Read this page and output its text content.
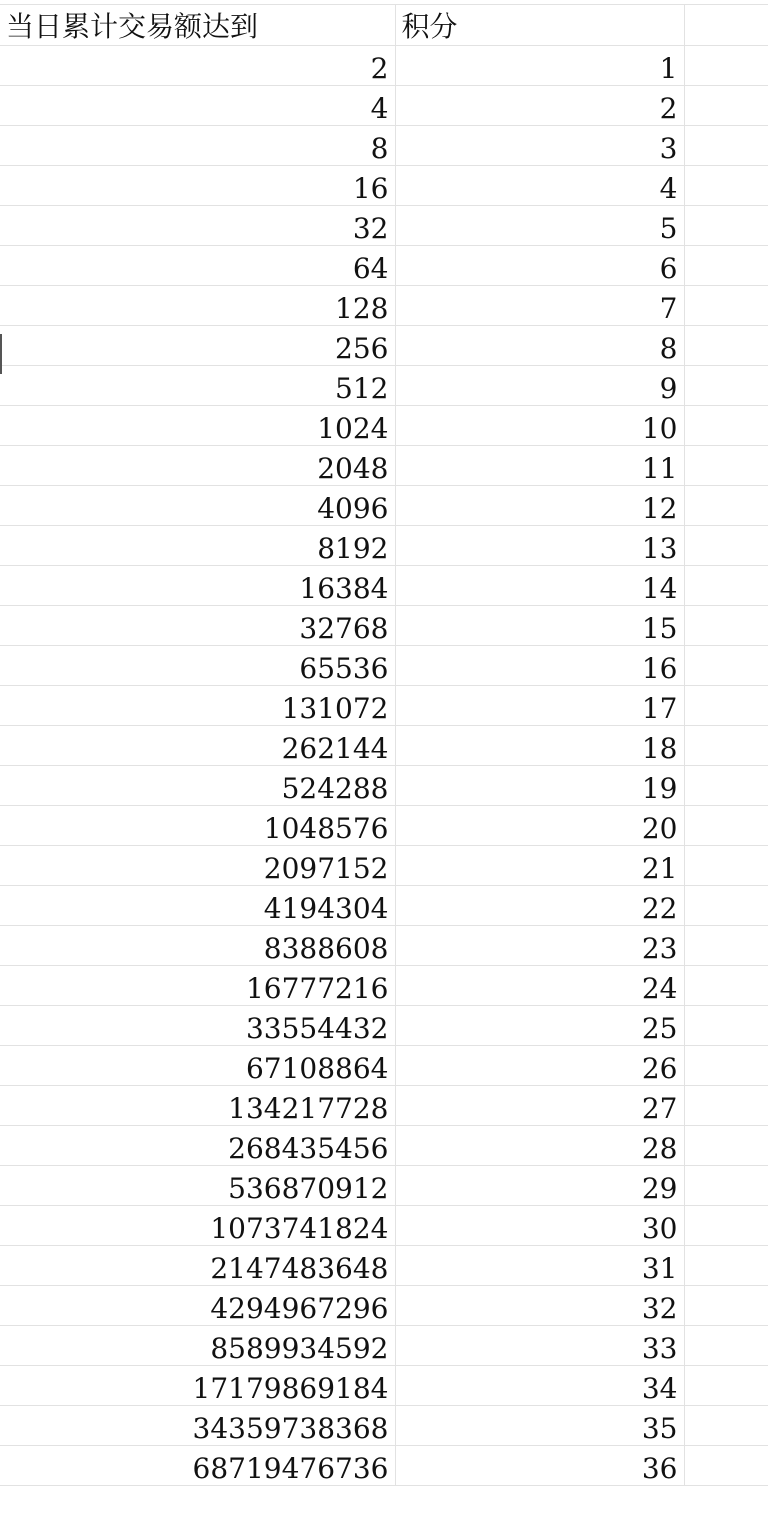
当日累计交易额达到	积分	
2	1	
4	2	
8	3	
16	4	
32	5	
64	6	
128	7	
256	8	
512	9	
1024	10	
2048	11	
4096	12	
8192	13	
16384	14	
32768	15	
65536	16	
131072	17	
262144	18	
524288	19	
1048576	20	
2097152	21	
4194304	22	
8388608	23	
16777216	24	
33554432	25	
67108864	26	
134217728	27	
268435456	28	
536870912	29	
1073741824	30	
2147483648	31	
4294967296	32	
8589934592	33	
17179869184	34	
34359738368	35	
68719476736	36	
